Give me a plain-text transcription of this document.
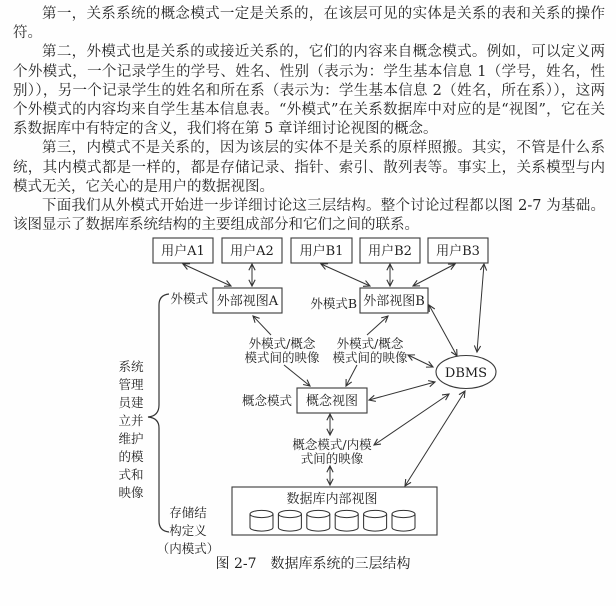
第一，关系系统的概念模式一定是关系的，在该层可见的实体是关系的表和关系的操作符。

第二，外模式也是关系的或接近关系的，它们的内容来自概念模式。例如，可以定义两个外模式，一个记录学生的学号、姓名、性别（表示为：学生基本信息 1（学号，姓名，性别）），另一个记录学生的姓名和所在系（表示为：学生基本信息 2（姓名，所在系）），这两个外模式的内容均来自学生基本信息表。“外模式”在关系数据库中对应的是“视图”，它在关系数据库中有特定的含义，我们将在第 5 章详细讨论视图的概念。

第三，内模式不是关系的，因为该层的实体不是关系的原样照搬。其实，不管是什么系统，其内模式都是一样的，都是存储记录、指针、索引、散列表等。事实上，关系模型与内模式无关，它关心的是用户的数据视图。

下面我们从外模式开始进一步详细讨论这三层结构。整个讨论过程都以图 2-7 为基础。该图显示了数据库系统结构的主要组成部分和它们之间的联系。

用户A1 用户A2 用户B1 用户B2 用户B3
外部视图A	外部视图B
概念视图
DBMS
数据库内部视图
外模式	外模式B
概念模式
外模式/概念
模式间的映像
外模式/概念
模式间的映像
概念模式/内模
式间的映像
系统
管理
员建
立并
维护
的模
式和
映像
存储结
构定义
（内模式）
图 2-7　数据库系统的三层结构
